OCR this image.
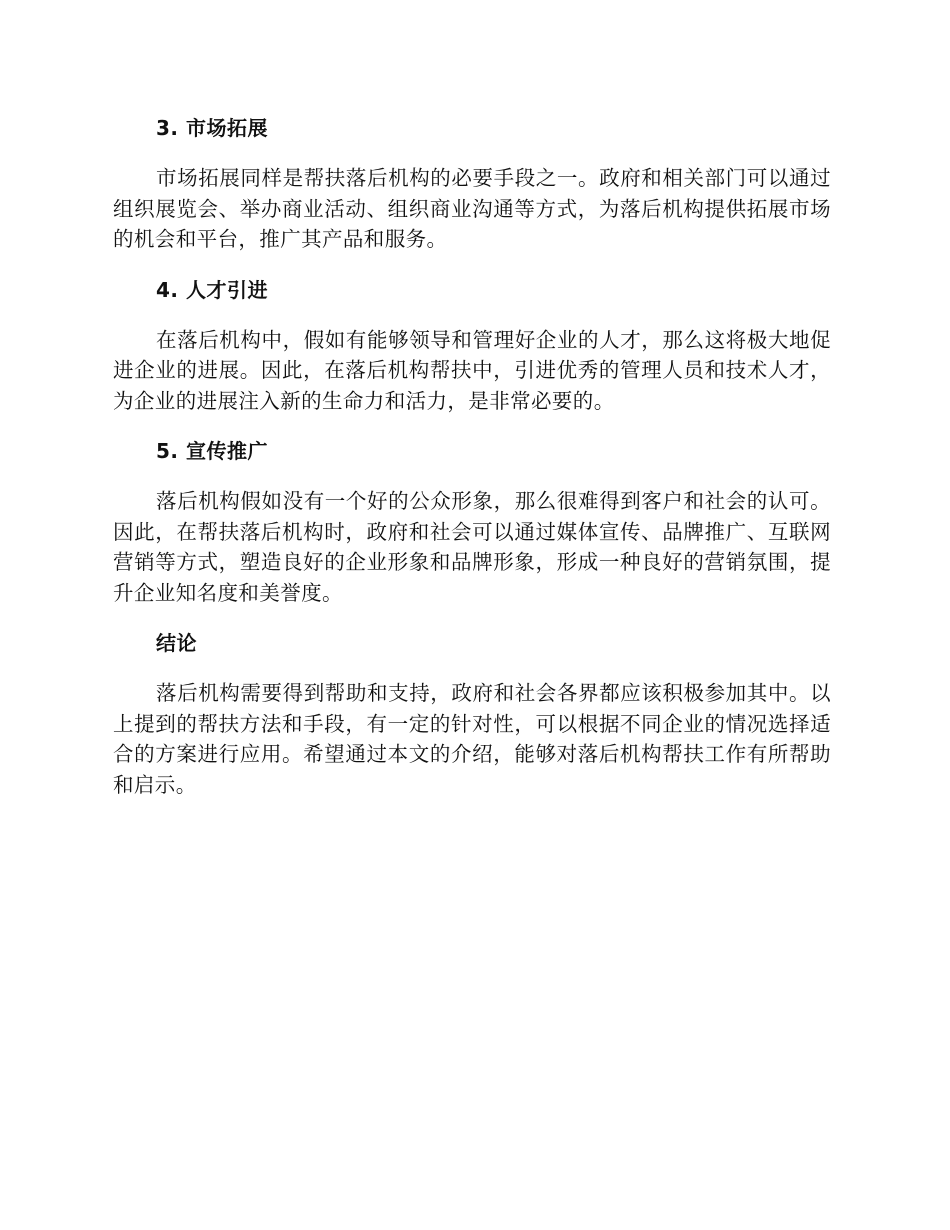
3. 市场拓展

市场拓展同样是帮扶落后机构的必要手段之一。政府和相关部门可以通过组织展览会、举办商业活动、组织商业沟通等方式，为落后机构提供拓展市场的机会和平台，推广其产品和服务。

4. 人才引进

在落后机构中，假如有能够领导和管理好企业的人才，那么这将极大地促进企业的进展。因此，在落后机构帮扶中，引进优秀的管理人员和技术人才，为企业的进展注入新的生命力和活力，是非常必要的。

5. 宣传推广

落后机构假如没有一个好的公众形象，那么很难得到客户和社会的认可。因此，在帮扶落后机构时，政府和社会可以通过媒体宣传、品牌推广、互联网营销等方式，塑造良好的企业形象和品牌形象，形成一种良好的营销氛围，提升企业知名度和美誉度。

结论

落后机构需要得到帮助和支持，政府和社会各界都应该积极参加其中。以上提到的帮扶方法和手段，有一定的针对性，可以根据不同企业的情况选择适合的方案进行应用。希望通过本文的介绍，能够对落后机构帮扶工作有所帮助和启示。
